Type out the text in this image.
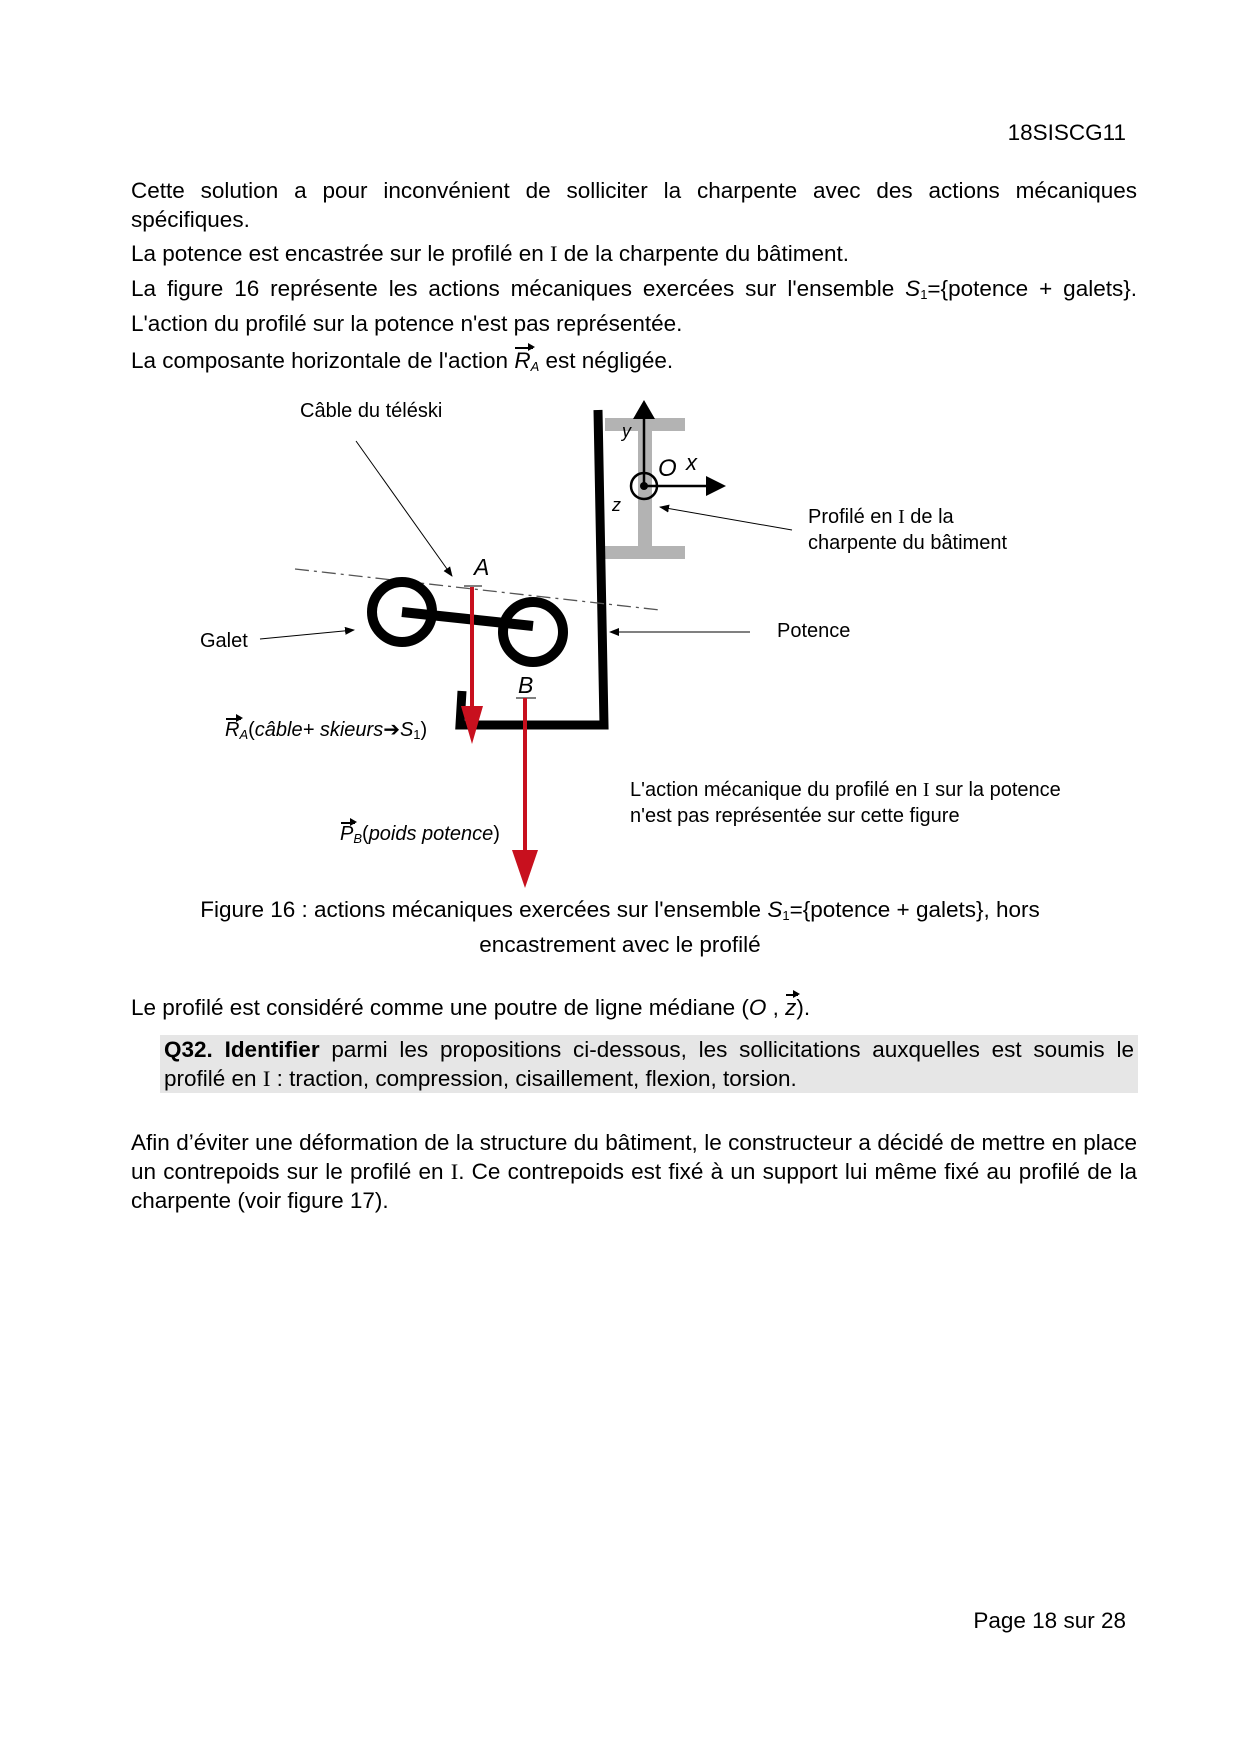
18SISCG11
Cette solution a pour inconvénient de solliciter la charpente avec des actions mécaniques spécifiques.
La potence est encastrée sur le profilé en I de la charpente du bâtiment.
La figure 16 représente les actions mécaniques exercées sur l'ensemble $S_1=\{potence$ + galets}. L'action du profilé sur la potence n'est pas représentée.
La composante horizontale de l'action $R_A$ est négligée.
Câble du téléski
Galet	Potence
Profilé en I de la
charpente du bâtiment
y
O x
z
A
B
$R_A(câble+$ $skieurs➔S_1$)
$P_B(poids$ potence)
L'action mécanique du profilé en I sur la potence
n'est pas représentée sur cette figure
Figure 16 : actions mécaniques exercées sur l'ensemble $S_1=\{potence$ + galets}, hors
encastrement avec le profilé
Le profilé est considéré comme une poutre de ligne médiane (O , z).
Q32. Identifier parmi les propositions ci-dessous, les sollicitations auxquelles est soumis le profilé en I : traction, compression, cisaillement, flexion, torsion.
Afin d’éviter une déformation de la structure du bâtiment, le constructeur a décidé de mettre en place un contrepoids sur le profilé en I. Ce contrepoids est fixé à un support lui même fixé au profilé de la charpente (voir figure 17).
Page 18 sur 28
